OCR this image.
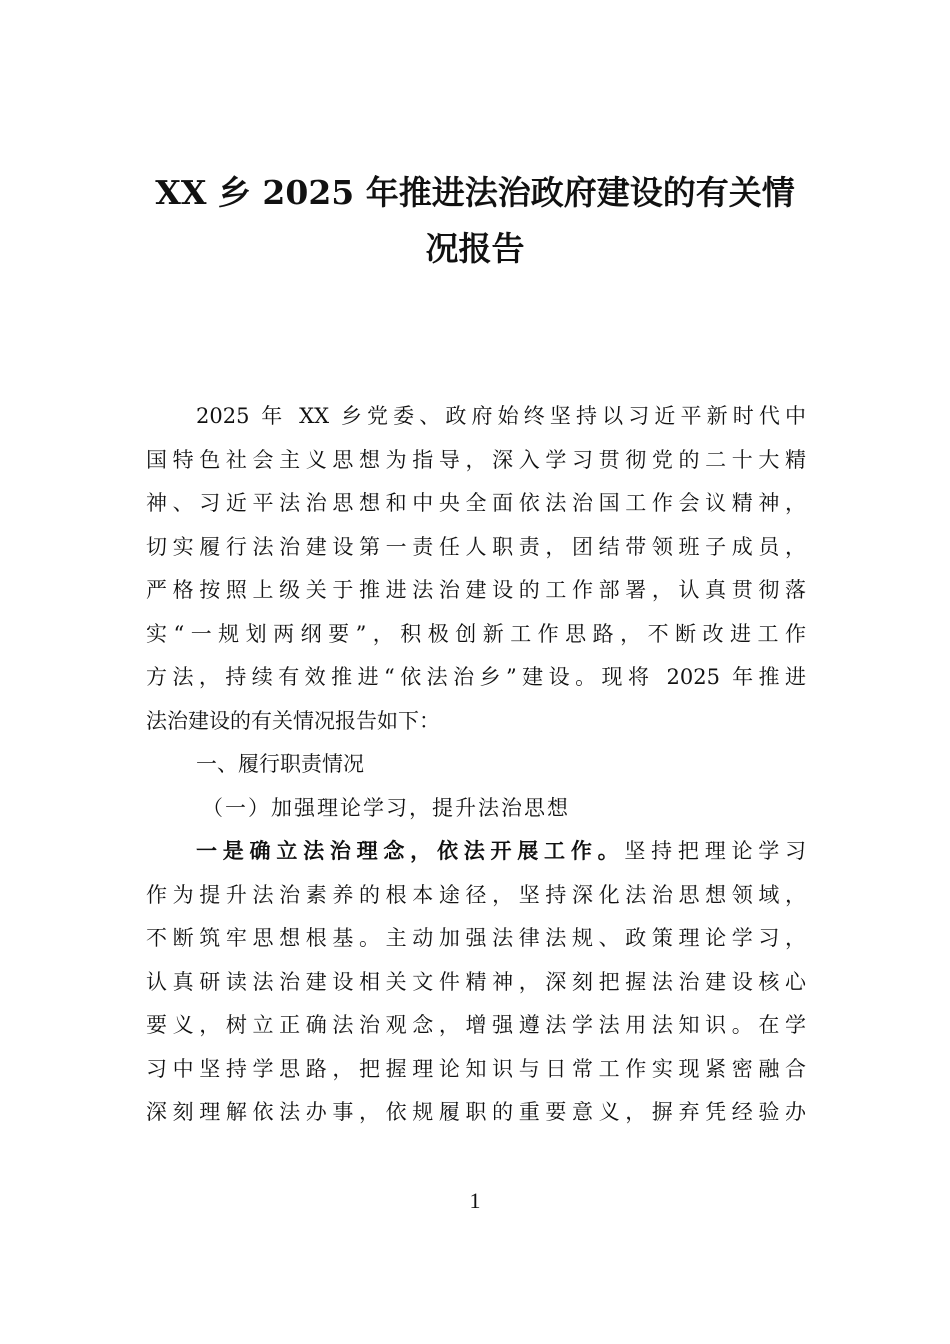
XX 乡 2025 年推进法治政府建设的有关情
况报告
2025 年 XX 乡党委、政府始终坚持以习近平新时代中
国特色社会主义思想为指导，深入学习贯彻党的二十大精
神、习近平法治思想和中央全面依法治国工作会议精神，
切实履行法治建设第一责任人职责，团结带领班子成员，
严格按照上级关于推进法治建设的工作部署，认真贯彻落
实“一规划两纲要”，积极创新工作思路，不断改进工作
方法，持续有效推进“依法治乡”建设。现将 2025 年推进
法治建设的有关情况报告如下：
一、履行职责情况
（一）加强理论学习，提升法治思想
一是确立法治理念，依法开展工作。坚持把理论学习
作为提升法治素养的根本途径，坚持深化法治思想领域，
不断筑牢思想根基。主动加强法律法规、政策理论学习，
认真研读法治建设相关文件精神，深刻把握法治建设核心
要义，树立正确法治观念，增强遵法学法用法知识。在学
习中坚持学思路，把握理论知识与日常工作实现紧密融合
深刻理解依法办事，依规履职的重要意义，摒弃凭经验办
1
